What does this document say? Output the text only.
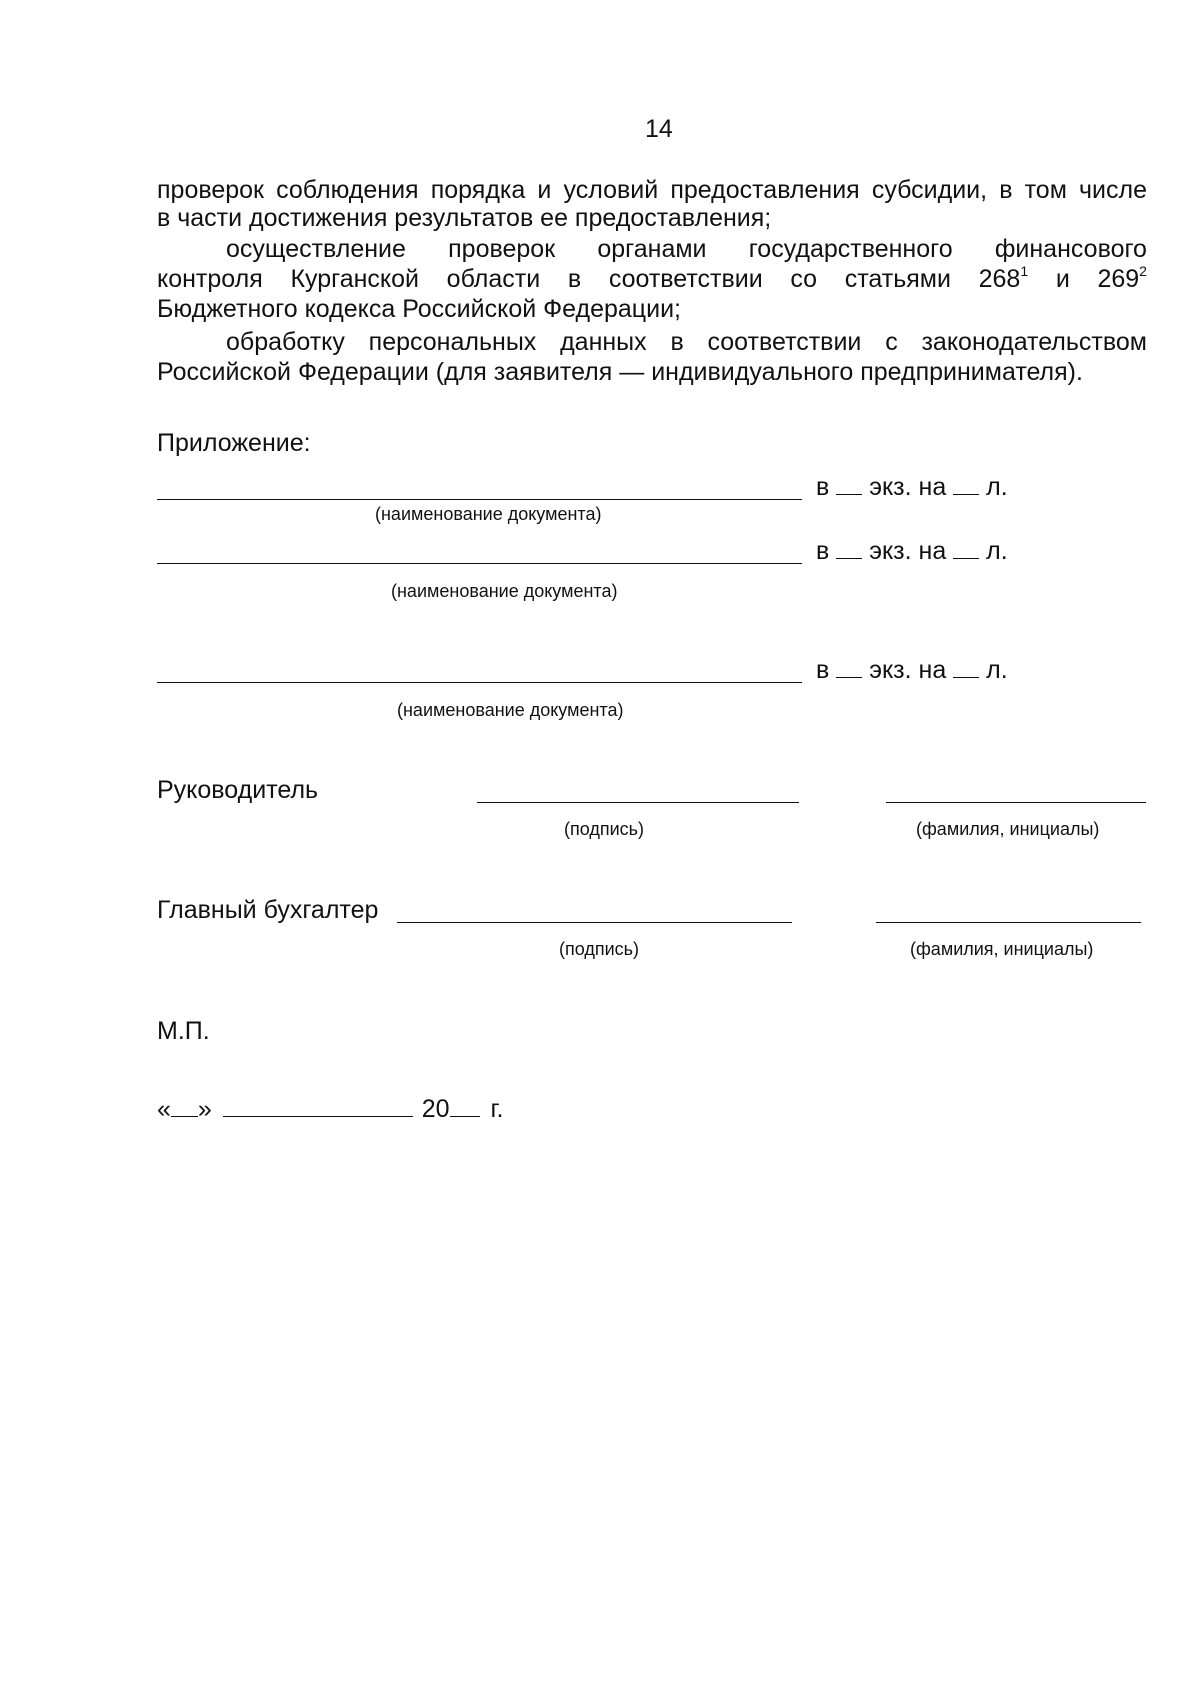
14
проверок соблюдения порядка и условий предоставления субсидии, в том числе
в части достижения результатов ее предоставления;
осуществление проверок органами государственного финансового
контроля Курганской области в соответствии со статьями $268^1$ и $269^2$
Бюджетного кодекса Российской Федерации;
обработку персональных данных в соответствии с законодательством
Российской Федерации (для заявителя — индивидуального предпринимателя).
Приложение:
в экз. на л.
(наименование документа)
в экз. на л.
(наименование документа)
в экз. на л.
(наименование документа)
Руководитель
(подпись)	(фамилия, инициалы)
Главный бухгалтер
(подпись)	(фамилия, инициалы)
М.П.
« »	20 г.
